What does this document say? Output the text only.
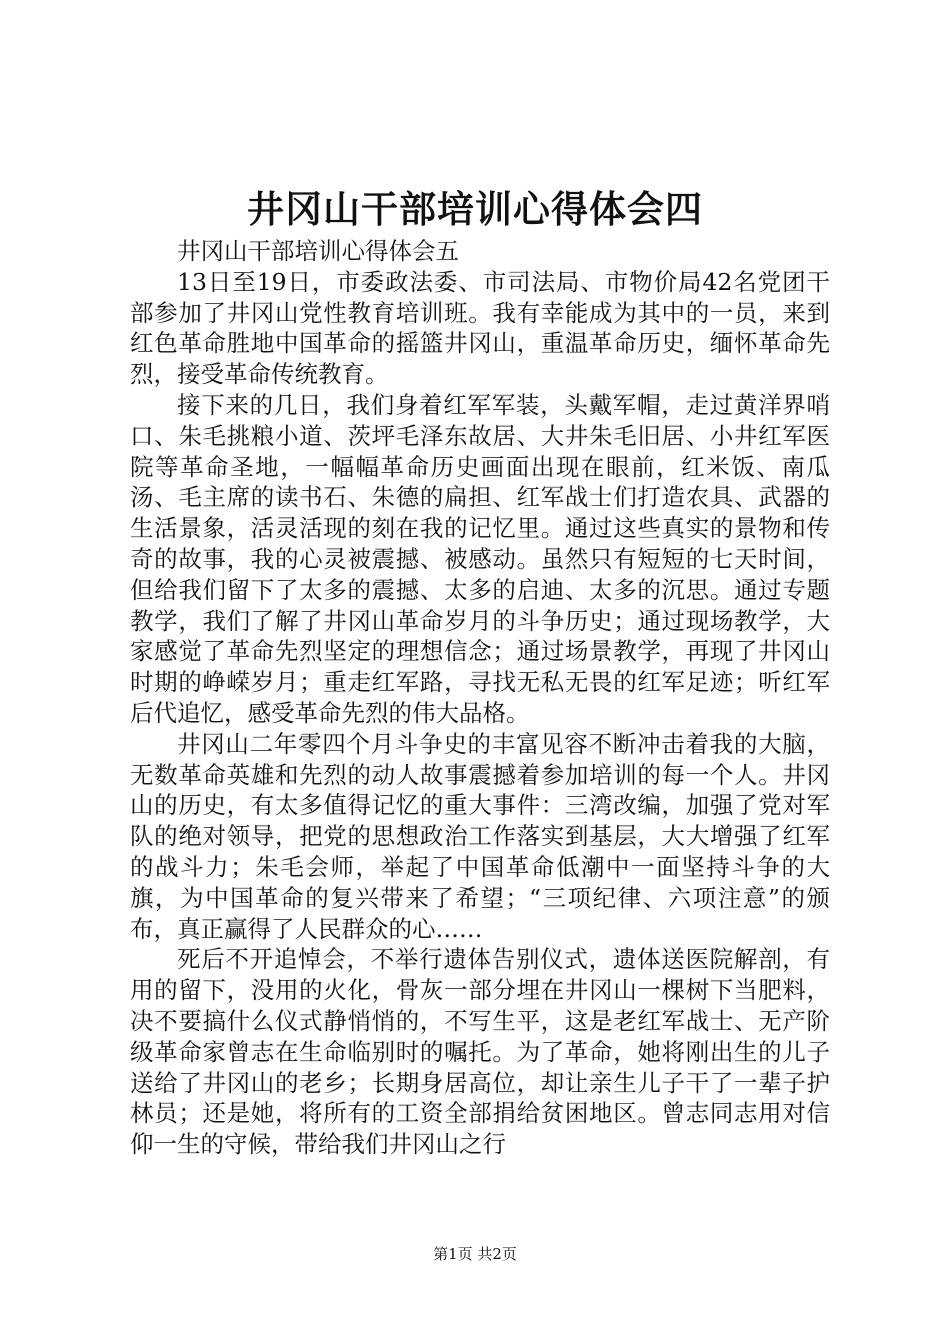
井冈山干部培训心得体会四

井冈山干部培训心得体会五

13日至19日，市委政法委、市司法局、市物价局42名党团干部参加了井冈山党性教育培训班。我有幸能成为其中的一员，来到红色革命胜地中国革命的摇篮井冈山，重温革命历史，缅怀革命先烈，接受革命传统教育。

接下来的几日，我们身着红军军装，头戴军帽，走过黄洋界哨口、朱毛挑粮小道、茨坪毛泽东故居、大井朱毛旧居、小井红军医院等革命圣地，一幅幅革命历史画面出现在眼前，红米饭、南瓜汤、毛主席的读书石、朱德的扁担、红军战士们打造农具、武器的生活景象，活灵活现的刻在我的记忆里。通过这些真实的景物和传奇的故事，我的心灵被震撼、被感动。虽然只有短短的七天时间，但给我们留下了太多的震撼、太多的启迪、太多的沉思。通过专题教学，我们了解了井冈山革命岁月的斗争历史；通过现场教学，大家感觉了革命先烈坚定的理想信念；通过场景教学，再现了井冈山时期的峥嵘岁月；重走红军路，寻找无私无畏的红军足迹；听红军后代追忆，感受革命先烈的伟大品格。

井冈山二年零四个月斗争史的丰富见容不断冲击着我的大脑，无数革命英雄和先烈的动人故事震撼着参加培训的每一个人。井冈山的历史，有太多值得记忆的重大事件：三湾改编，加强了党对军队的绝对领导，把党的思想政治工作落实到基层，大大增强了红军的战斗力；朱毛会师，举起了中国革命低潮中一面坚持斗争的大旗，为中国革命的复兴带来了希望；“三项纪律、六项注意”的颁布，真正赢得了人民群众的心……

死后不开追悼会，不举行遗体告别仪式，遗体送医院解剖，有用的留下，没用的火化，骨灰一部分埋在井冈山一棵树下当肥料，决不要搞什么仪式静悄悄的，不写生平，这是老红军战士、无产阶级革命家曾志在生命临别时的嘱托。为了革命，她将刚出生的儿子送给了井冈山的老乡；长期身居高位，却让亲生儿子干了一辈子护林员；还是她，将所有的工资全部捐给贫困地区。曾志同志用对信仰一生的守候，带给我们井冈山之行

第1页 共2页
